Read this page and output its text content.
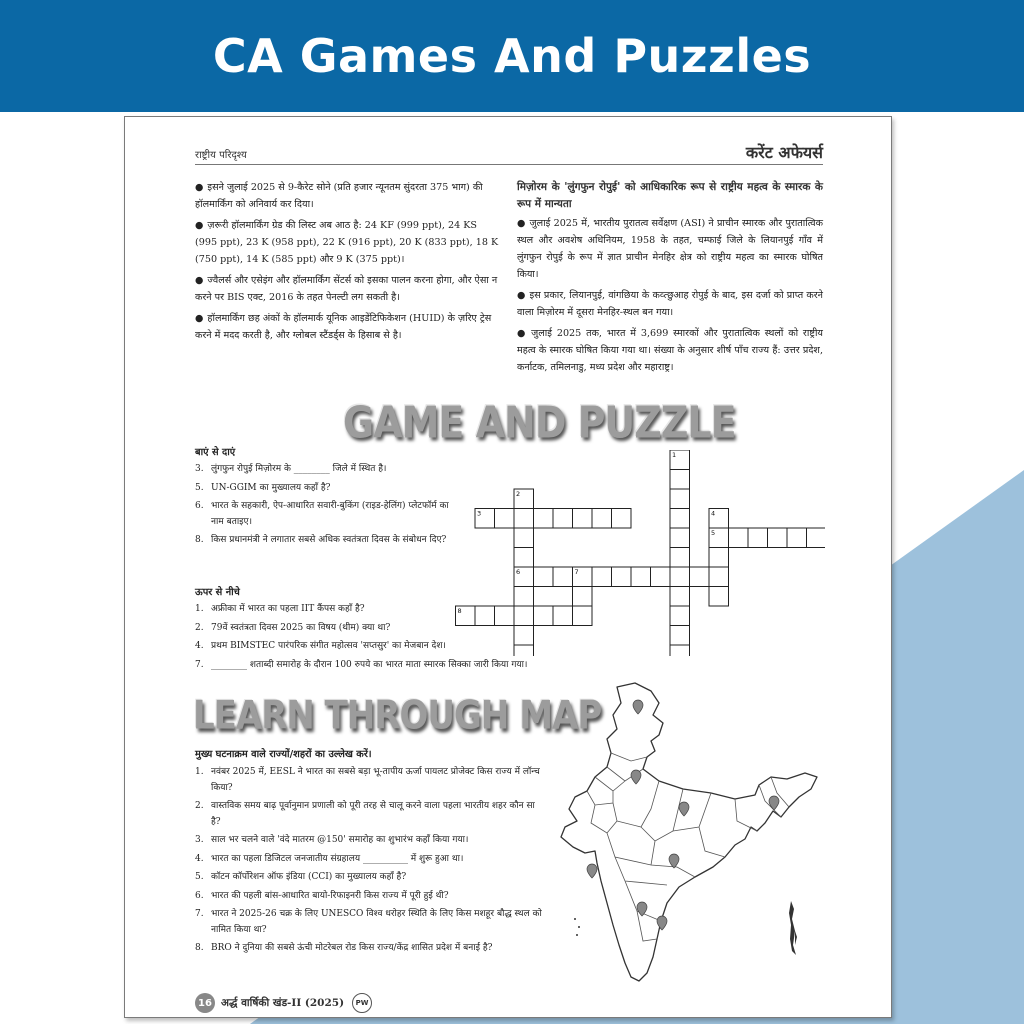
CA Games And Puzzles
राष्ट्रीय परिदृश्य	करेंट अफेयर्स

● इसने जुलाई 2025 से 9-कैरेट सोने (प्रति हजार न्यूनतम सुंदरता 375 भाग) की हॉलमार्किंग को अनिवार्य कर दिया।

● ज़रूरी हॉलमार्किंग ग्रेड की लिस्ट अब आठ है: 24 KF (999 ppt), 24 KS (995 ppt), 23 K (958 ppt), 22 K (916 ppt), 20 K (833 ppt), 18 K (750 ppt), 14 K (585 ppt) और 9 K (375 ppt)।

● ज्वैलर्स और एसेइंग और हॉलमार्किंग सेंटर्स को इसका पालन करना होगा, और ऐसा न करने पर BIS एक्ट, 2016 के तहत पेनल्टी लग सकती है।

● हॉलमार्किंग छह अंकों के हॉलमार्क यूनिक आइडेंटिफिकेशन (HUID) के ज़रिए ट्रेस करने में मदद करती है, और ग्लोबल स्टैंडर्ड्स के हिसाब से है।

मिज़ोरम के 'लुंगफुन रोपुई' को आधिकारिक रूप से राष्ट्रीय महत्व के स्मारक के रूप में मान्यता

● जुलाई 2025 में, भारतीय पुरातत्व सर्वेक्षण (ASI) ने प्राचीन स्मारक और पुरातात्विक स्थल और अवशेष अधिनियम, 1958 के तहत, चम्फाई जिले के लियानपुई गाँव में लुंगफुन रोपुई के रूप में ज्ञात प्राचीन मेनहिर क्षेत्र को राष्ट्रीय महत्व का स्मारक घोषित किया।

● इस प्रकार, लियानपुई, वांगछिया के कव्त्छुआह रोपुई के बाद, इस दर्जा को प्राप्त करने वाला मिज़ोरम में दूसरा मेनहिर-स्थल बन गया।

● जुलाई 2025 तक, भारत में 3,699 स्मारकों और पुरातात्विक स्थलों को राष्ट्रीय महत्व के स्मारक घोषित किया गया था। संख्या के अनुसार शीर्ष पाँच राज्य हैं: उत्तर प्रदेश, कर्नाटक, तमिलनाडु, मध्य प्रदेश और महाराष्ट्र।

GAME AND PUZZLE
बाएं से दाएं
3. लुंगफुन रोपुई मिज़ोरम के ________ जिले में स्थित है।
5. UN-GGIM का मुख्यालय कहाँ है?
6. भारत के सहकारी, ऐप-आधारित सवारी-बुकिंग (राइड-हेलिंग) प्लेटफॉर्म का नाम बताइए।
8. किस प्रधानमंत्री ने लगातार सबसे अधिक स्वतंत्रता दिवस के संबोधन दिए?
ऊपर से नीचे
1. अफ्रीका में भारत का पहला IIT कैंपस कहाँ है?
2. 79वें स्वतंत्रता दिवस 2025 का विषय (थीम) क्या था?
4. प्रथम BIMSTEC पारंपरिक संगीत महोत्सव 'सप्तसुर' का मेजबान देश।
7. ________ शताब्दी समारोह के दौरान 100 रुपये का भारत माता स्मारक सिक्का जारी किया गया।
1
2
3	4
5
6	7
8
LEARN THROUGH MAP
मुख्य घटनाक्रम वाले राज्यों/शहरों का उल्लेख करें।
1. नवंबर 2025 में, EESL ने भारत का सबसे बड़ा भू-तापीय ऊर्जा पायलट प्रोजेक्ट किस राज्य में लॉन्च किया?
2. वास्तविक समय बाढ़ पूर्वानुमान प्रणाली को पूरी तरह से चालू करने वाला पहला भारतीय शहर कौन सा है?
3. साल भर चलने वाले 'वंदे मातरम @150' समारोह का शुभारंभ कहाँ किया गया।
4. भारत का पहला डिजिटल जनजातीय संग्रहालय __________ में शुरू हुआ था।
5. कॉटन कॉर्पोरेशन ऑफ इंडिया (CCI) का मुख्यालय कहाँ है?
6. भारत की पहली बांस-आधारित बायो-रिफाइनरी किस राज्य में पूरी हुई थी?
7. भारत ने 2025-26 चक्र के लिए UNESCO विश्व धरोहर स्थिति के लिए किस मशहूर बौद्ध स्थल को नामित किया था?
8. BRO ने दुनिया की सबसे ऊंची मोटरेबल रोड किस राज्य/केंद्र शासित प्रदेश में बनाई है?
16 अर्द्ध वार्षिकी खंड-II (2025)	PW
